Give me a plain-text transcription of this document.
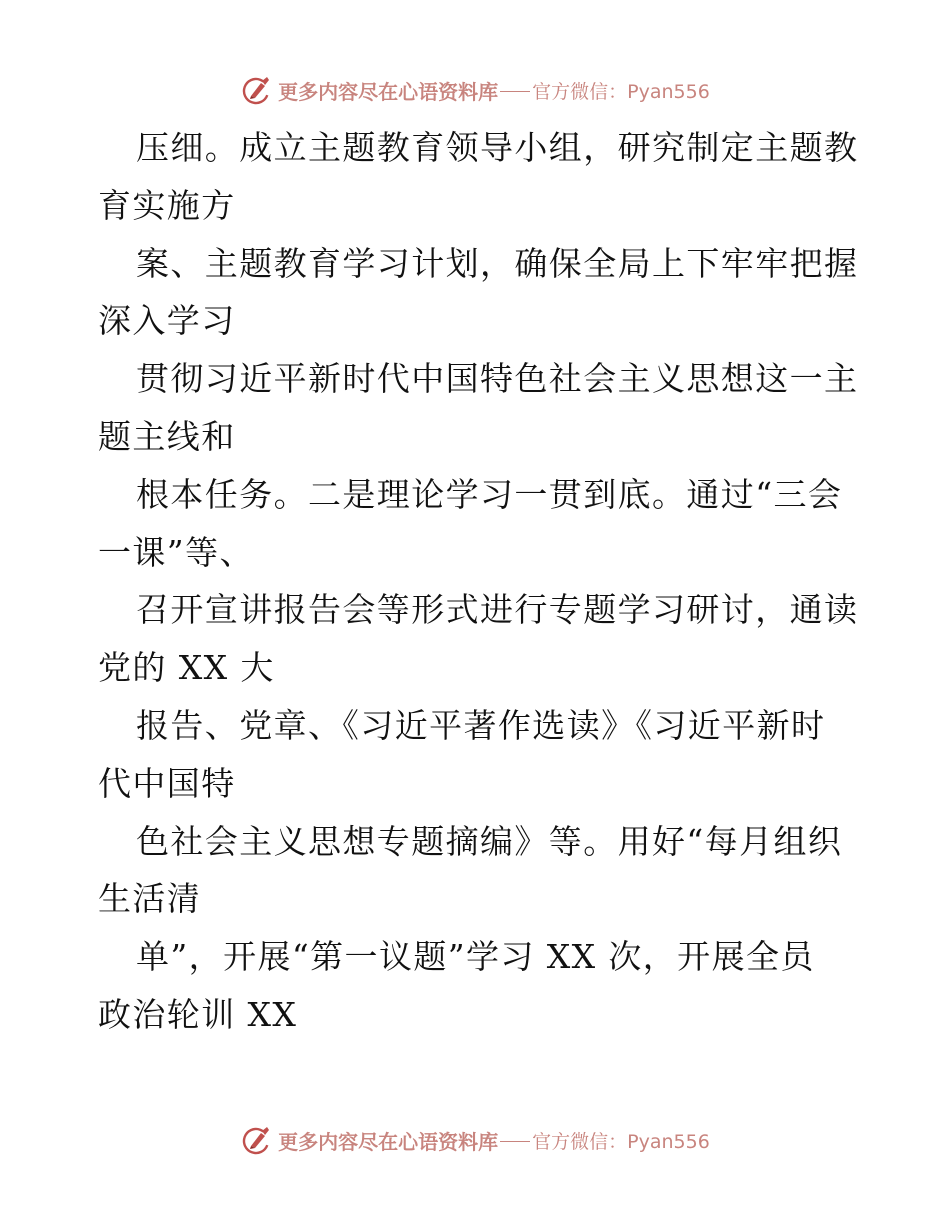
更多内容尽在心语资料库 官方微信：Pyan556
压细。成立主题教育领导小组，研究制定主题教
育实施方
案、主题教育学习计划，确保全局上下牢牢把握
深入学习
贯彻习近平新时代中国特色社会主义思想这一主
题主线和
根本任务。二是理论学习一贯到底。通过“三会
一课”等、
召开宣讲报告会等形式进行专题学习研讨，通读
党的 XX 大
报告、党章、《习近平著作选读》《习近平新时
代中国特
色社会主义思想专题摘编》等。用好“每月组织
生活清
单”，开展“第一议题”学习 XX 次，开展全员
政治轮训 XX
更多内容尽在心语资料库 官方微信：Pyan556
